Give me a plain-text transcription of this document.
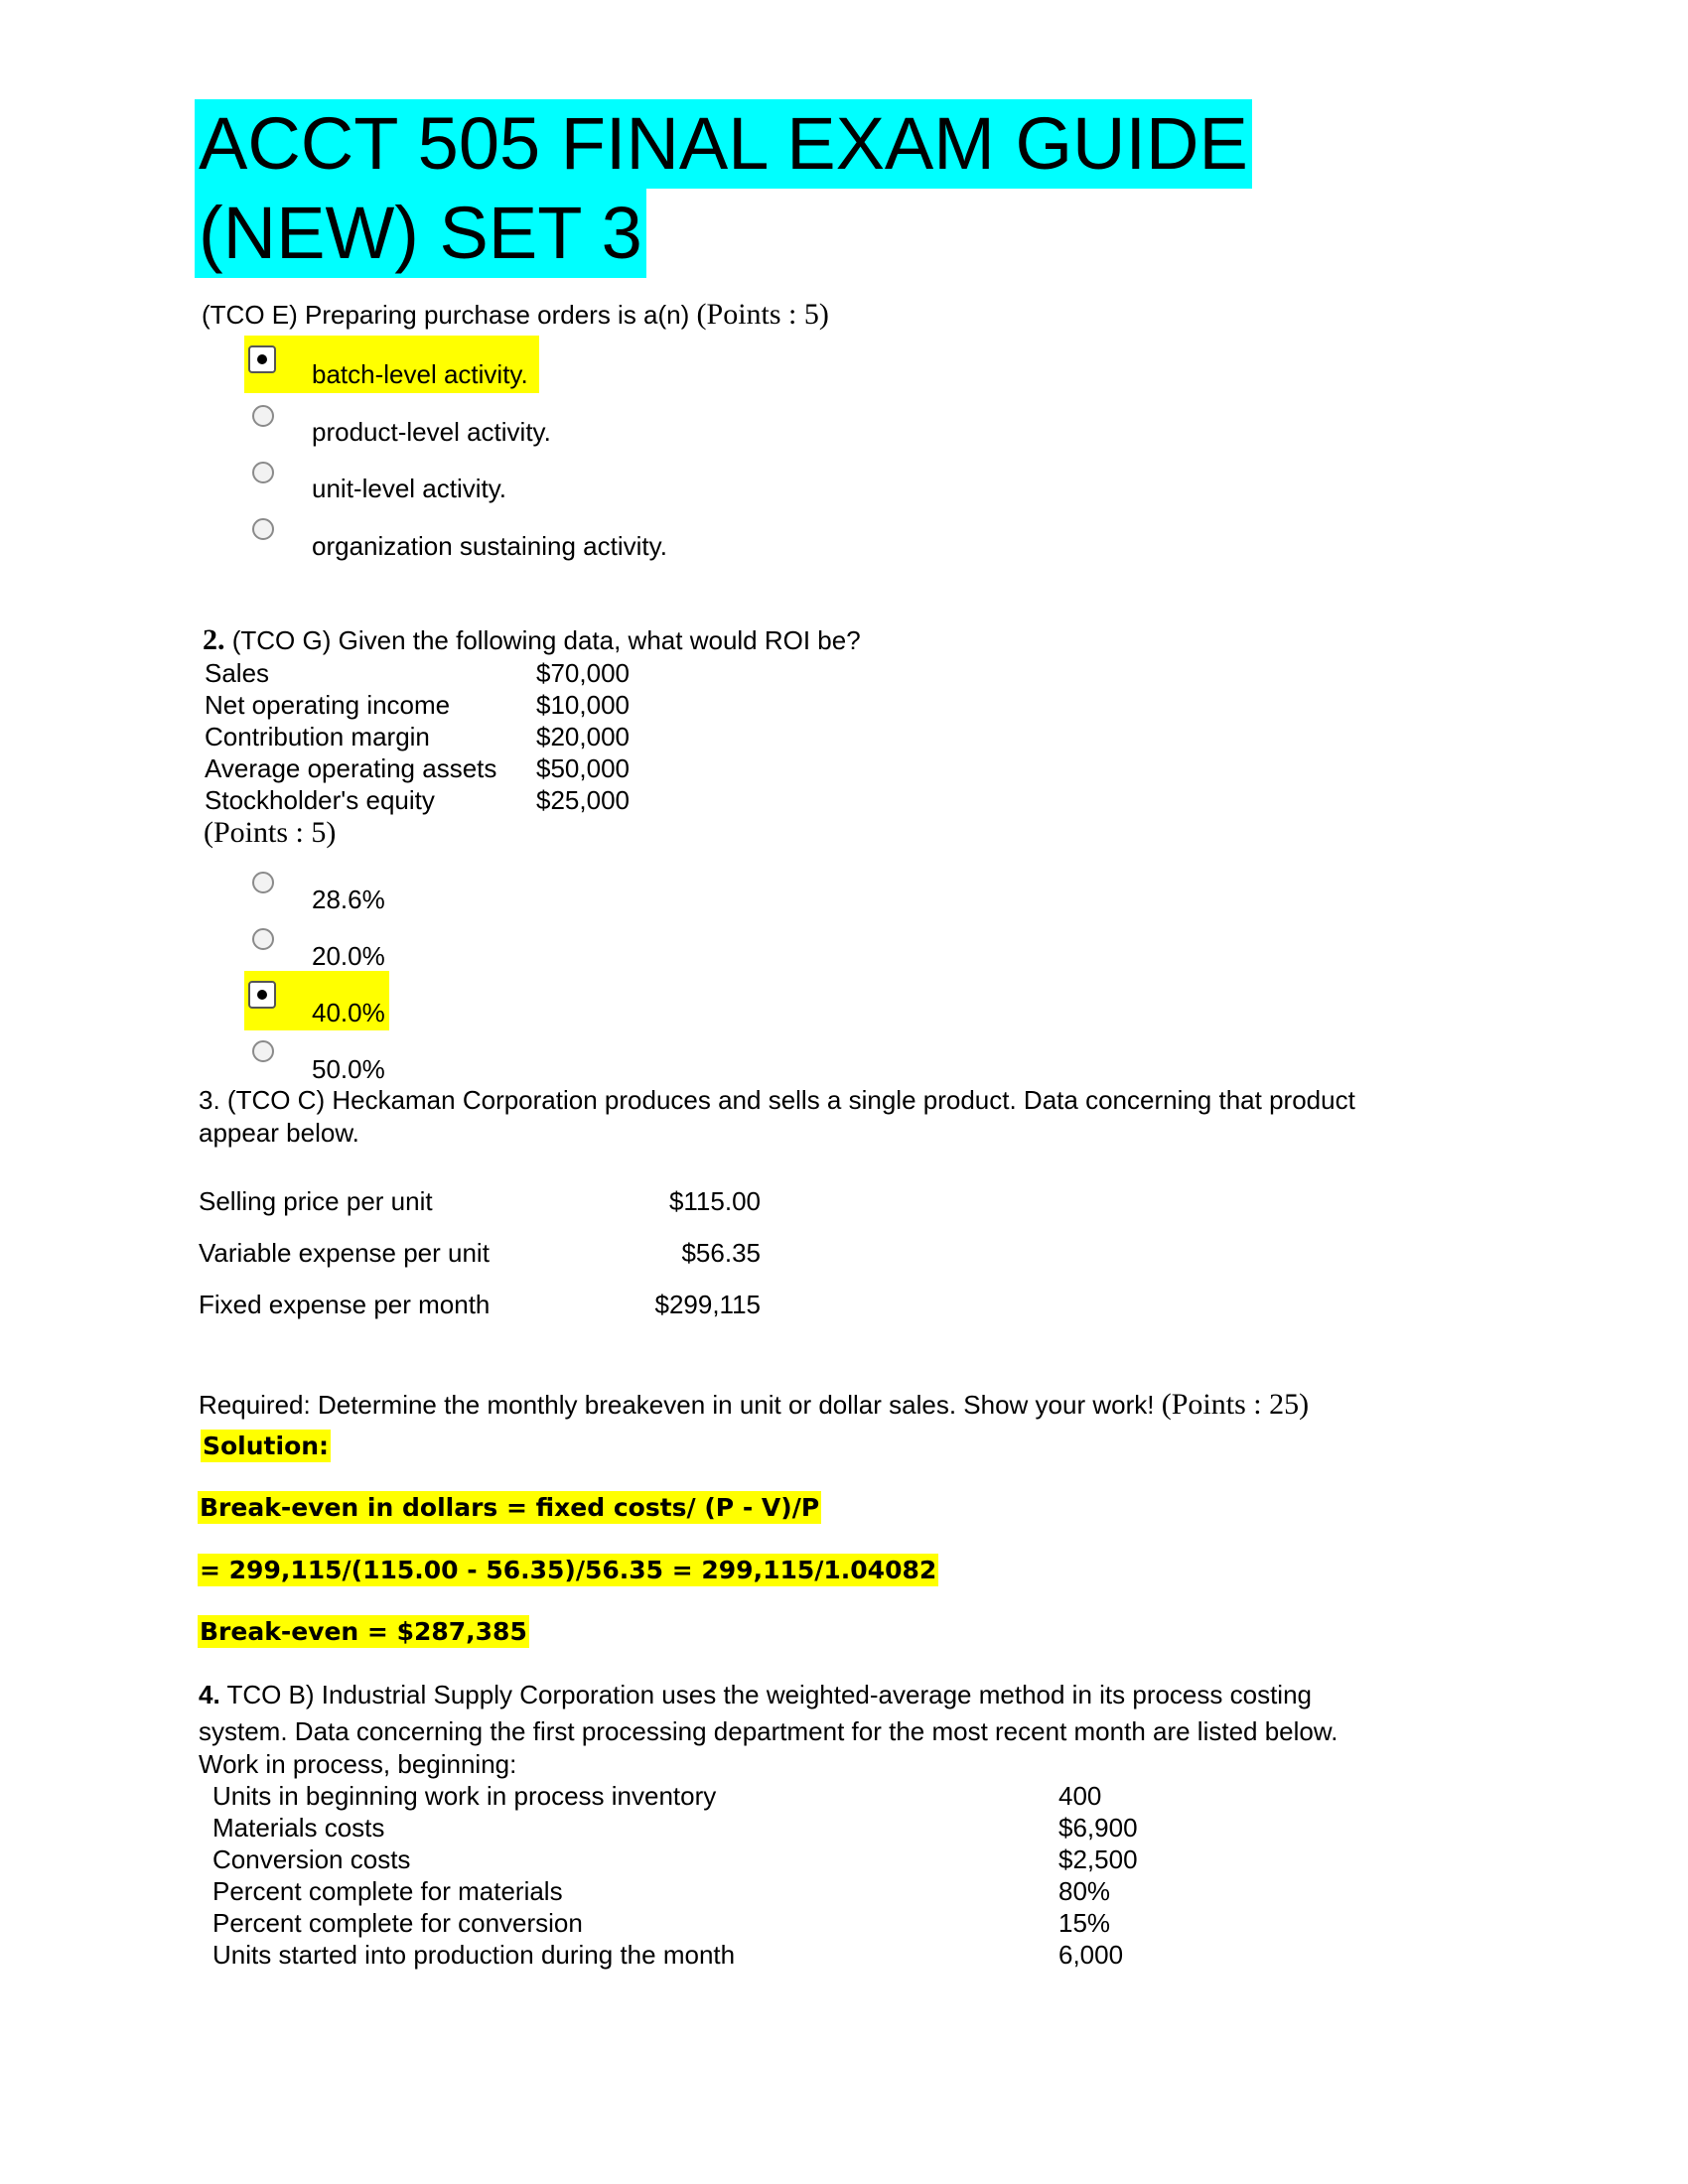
ACCT 505 FINAL EXAM GUIDE
(NEW) SET 3
(TCO E) Preparing purchase orders is a(n) (Points : 5)
batch-level activity.
product-level activity.
unit-level activity.
organization sustaining activity.
2. (TCO G) Given the following data, what would ROI be?
Sales	$70,000
Net operating income	$10,000
Contribution margin	$20,000
Average operating assets $50,000
Stockholder's equity	$25,000
(Points : 5)
28.6%
20.0%
40.0%
50.0%
3. (TCO C) Heckaman Corporation produces and sells a single product. Data concerning that product
appear below.
Selling price per unit	$115.00
Variable expense per unit	$56.35
Fixed expense per month	$299,115
Required: Determine the monthly breakeven in unit or dollar sales. Show your work! (Points : 25)
Solution:
Break-even in dollars = fixed costs/ (P - V)/P
= 299,115/(115.00 - 56.35)/56.35 = 299,115/1.04082
Break-even = $287,385
4. TCO B) Industrial Supply Corporation uses the weighted-average method in its process costing
system. Data concerning the first processing department for the most recent month are listed below.
Work in process, beginning:
Units in beginning work in process inventory	400
Materials costs	$6,900
Conversion costs	$2,500
Percent complete for materials	80%
Percent complete for conversion	15%
Units started into production during the month	6,000
